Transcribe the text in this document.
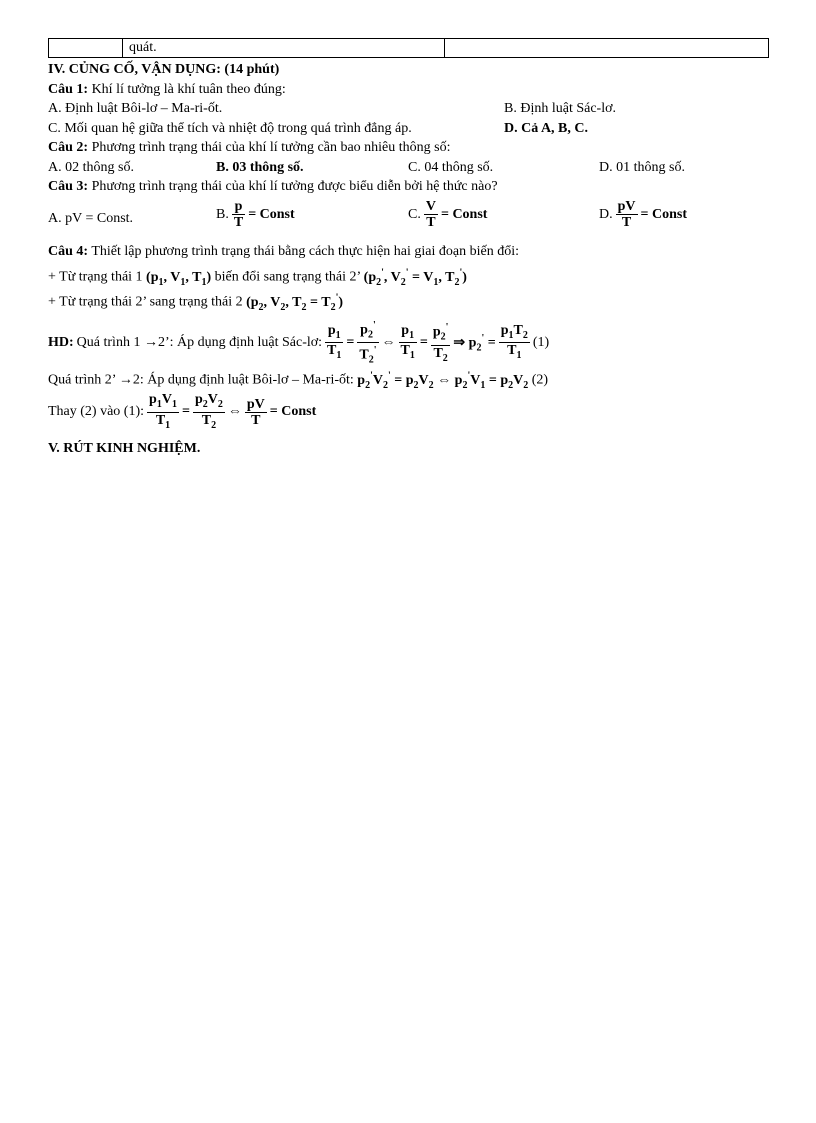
	quát.	
IV. CỦNG CỐ, VẬN DỤNG: (14 phút)
Câu 1: Khí lí tưởng là khí tuân theo đúng:
A. Định luật Bôi-lơ – Ma-ri-ốt.	B. Định luật Sác-lơ.
C. Mối quan hệ giữa thể tích và nhiệt độ trong quá trình đẳng áp.	D. Cả A, B, C.
Câu 2: Phương trình trạng thái của khí lí tưởng cần bao nhiêu thông số:
A. 02 thông số.	B. 03 thông số.	C. 04 thông số.	D. 01 thông số.
Câu 3: Phương trình trạng thái của khí lí tưởng được biểu diễn bởi hệ thức nào?
A. pV = Const.	B. $\frac{p}{T}$ = Const	C. $\frac{V}{T}$ = Const	D. $\frac{pV}{T}$ = Const
Câu 4: Thiết lập phương trình trạng thái bằng cách thực hiện hai giai đoạn biến đổi:
+ Từ trạng thái 1 ($p_1$, $V_1$, $T_1$) biến đổi sang trạng thái 2’ ($p_2'$, $V_2' = V_1$, $T_2'$)
+ Từ trạng thái 2’ sang trạng thái 2 ($p_2$, $V_2$, $T_2 = T_2'$)
HD: Quá trình 1 →2’: Áp dụng định luật Sác-lơ: $\frac{p_1}{T_1} = \frac{p_2'}{T_2'}$ ⇔ $\frac{p_1}{T_1} = \frac{p_2'}{T_2}$ ⇒ $p_2' = \frac{p_1T_2}{T_1} (1)$
Quá trình 2’ →2: Áp dụng định luật Bôi-lơ – Ma-ri-ốt: $p_2'V_2' = p_2V_2$ ⇔ $p_2'V_1 = p_2V_2$ (2)
Thay (2) vào (1): $\frac{p_1V_1}{T_1} = \frac{p_2V_2}{T_2}$ ⇔ $\frac{pV}{T}$ = Const
V. RÚT KINH NGHIỆM.
